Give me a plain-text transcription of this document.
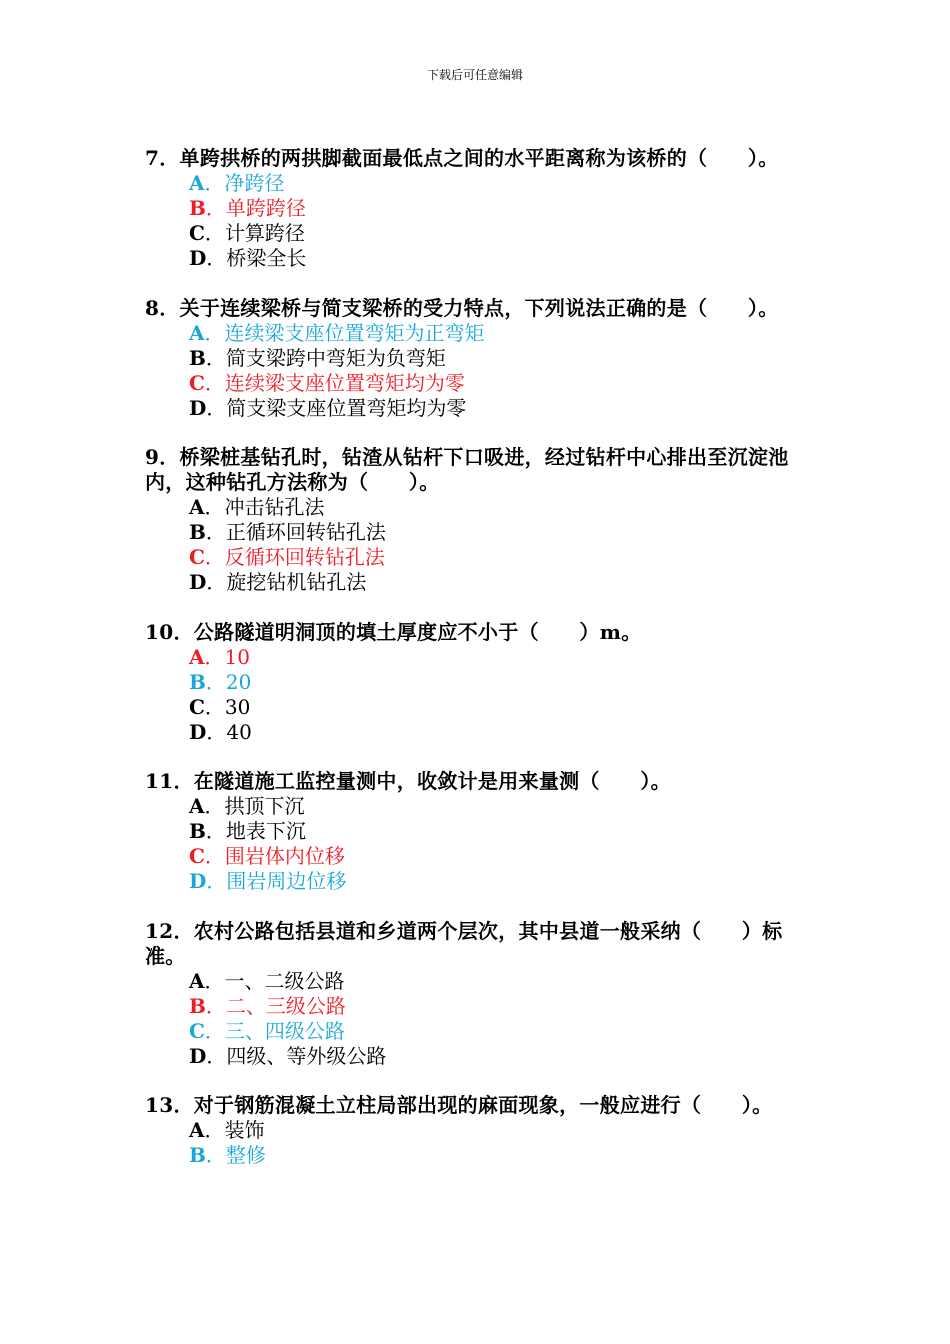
下载后可任意编辑
7．单跨拱桥的两拱脚截面最低点之间的水平距离称为该桥的（　　）。
A．净跨径
B．单跨跨径
C．计算跨径
D．桥梁全长
8．关于连续梁桥与简支梁桥的受力特点，下列说法正确的是（　　）。
A．连续梁支座位置弯矩为正弯矩
B．简支梁跨中弯矩为负弯矩
C．连续梁支座位置弯矩均为零
D．简支梁支座位置弯矩均为零
9．桥梁桩基钻孔时，钻渣从钻杆下口吸进，经过钻杆中心排出至沉淀池内，这种钻孔方法称为（　　）。
A．冲击钻孔法
B．正循环回转钻孔法
C．反循环回转钻孔法
D．旋挖钻机钻孔法
10．公路隧道明洞顶的填土厚度应不小于（　　）m。
A．10
B．20
C．30
D．40
11．在隧道施工监控量测中，收敛计是用来量测（　　）。
A．拱顶下沉
B．地表下沉
C．围岩体内位移
D．围岩周边位移
12．农村公路包括县道和乡道两个层次，其中县道一般采纳（　　）标准。
A．一、二级公路
B．二、三级公路
C．三、四级公路
D．四级、等外级公路
13．对于钢筋混凝土立柱局部出现的麻面现象，一般应进行（　　）。
A．装饰
B．整修
